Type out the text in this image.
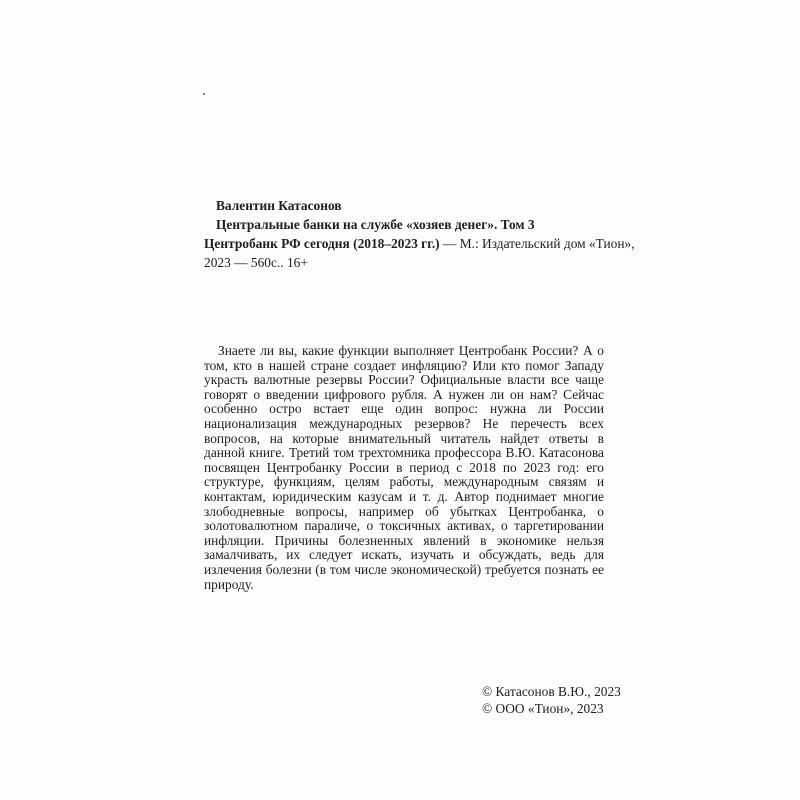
Валентин Катасонов
Центральные банки на службе «хозяев денег». Том 3
Центробанк РФ сегодня (2018–2023 гг.) — М.: Издательский дом «Тион»,
2023 — 560с.. 16+

Знаете ли вы, какие функции выполняет Центробанк России? А о том, кто в нашей стране создает инфляцию? Или кто помог Западу украсть валютные резервы России? Официальные власти все чаще говорят о введении цифрового рубля. А нужен ли он нам? Сейчас особенно остро встает еще один вопрос: нужна ли России национализация международных резервов? Не перечесть всех вопросов, на которые внимательный читатель найдет ответы в данной книге. Третий том трехтомника профессора В.Ю. Катасонова посвящен Центробанку России в период с 2018 по 2023 год: его структуре, функциям, целям работы, международным связям и контактам, юридическим казусам и т. д. Автор поднимает многие злободневные вопросы, например об убытках Центробанка, о золотовалютном параличе, о токсичных активах, о таргетировании инфляции. Причины болезненных явлений в экономике нельзя замалчивать, их следует искать, изучать и обсуждать, ведь для излечения болезни (в том числе экономической) требуется познать ее природу.

© Катасонов В.Ю., 2023
© ООО «Тион», 2023
